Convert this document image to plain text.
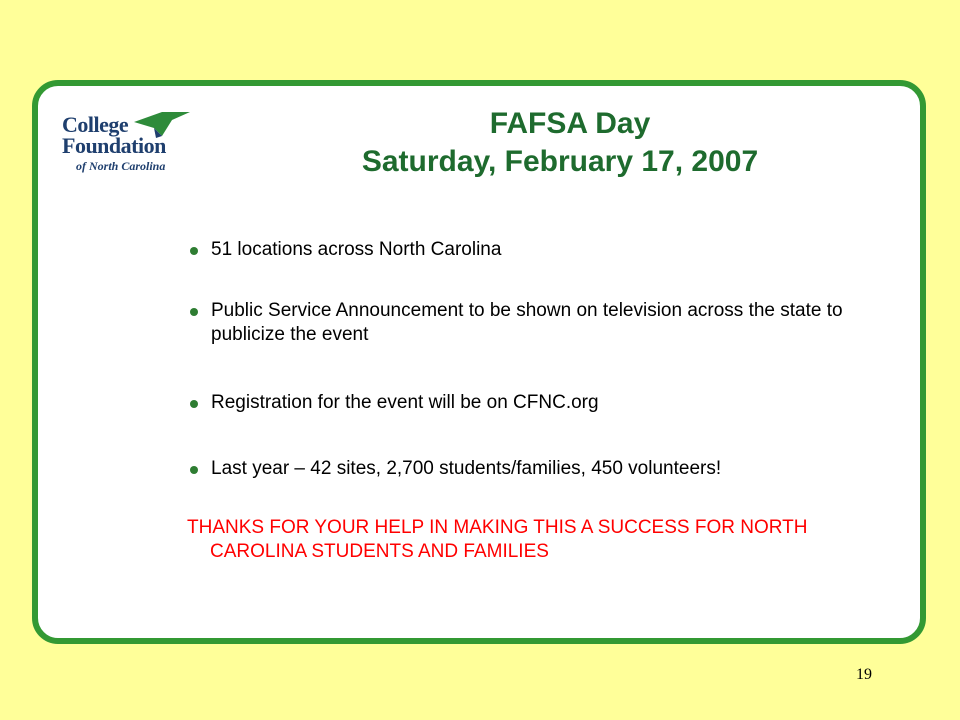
College
Foundation
of North Carolina
FAFSA Day
Saturday, February 17, 2007
51 locations across North Carolina
Public Service Announcement to be shown on television across the state to publicize the event
Registration for the event will be on CFNC.org
Last year – 42 sites, 2,700 students/families, 450 volunteers!
THANKS FOR YOUR HELP IN MAKING THIS A SUCCESS FOR NORTH CAROLINA STUDENTS AND FAMILIES
19
